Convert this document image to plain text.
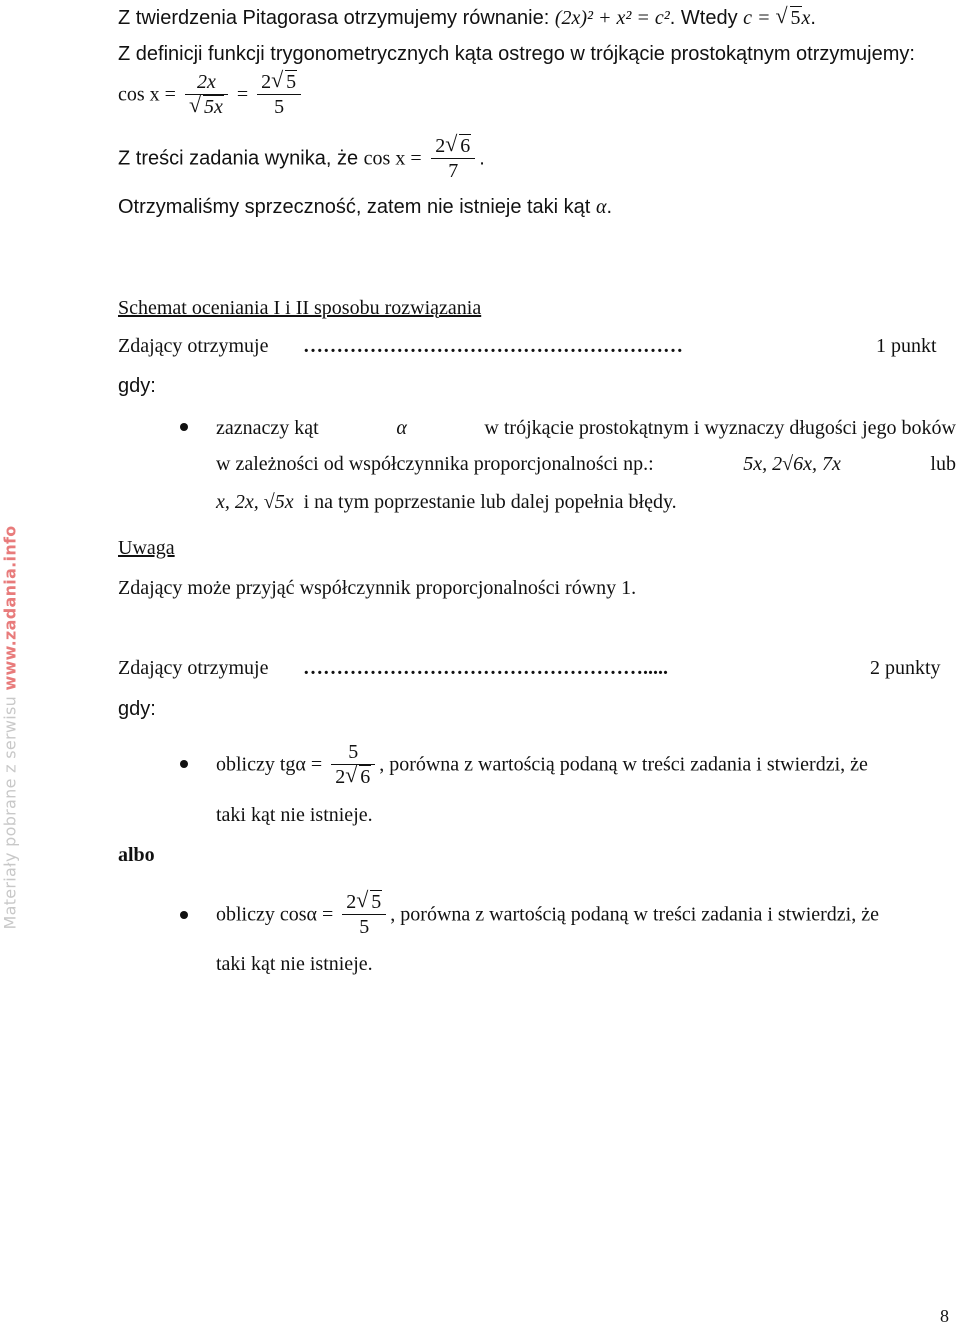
Materiały pobrane z serwisu www.zadania.info
Z twierdzenia Pitagorasa otrzymujemy równanie: (2x)² + x² = c². Wtedy c = √ 5x.
Z definicji funkcji trygonometrycznych kąta ostrego w trójkącie prostokątnym otrzymujemy:
cos x = 2x
√ $5x = \frac{2 √ 5}{5}$
Z treści zadania wynika, że $\cos x = \frac{2 √ 6}{7}$ .
Otrzymaliśmy sprzeczność, zatem nie istnieje taki kąt α.
Schemat oceniania I i II sposobu rozwiązania
Zdający otrzymuje …………………………………………………	1 punkt
gdy:
zaznaczy kąt	α	w trójkącie prostokątnym i wyznaczy długości jego boków
w zależności od współczynnika proporcjonalności np.:	5x, 2√6x, 7x	lub
x, 2x, √5x i na tym poprzestanie lub dalej popełnia błędy.
Uwaga
Zdający może przyjąć współczynnik proporcjonalności równy 1.
Zdający otrzymuje …………………………………………….....	2 punkty
gdy:
obliczy $tg\alpha = \frac{5}{2 √ 6}$ , porówna z wartością podaną w treści zadania i stwierdzi, że
taki kąt nie istnieje.
albo
obliczy $\cos\alpha = \frac{2 √ 5}{5}$ , porówna z wartością podaną w treści zadania i stwierdzi, że
taki kąt nie istnieje.
8
